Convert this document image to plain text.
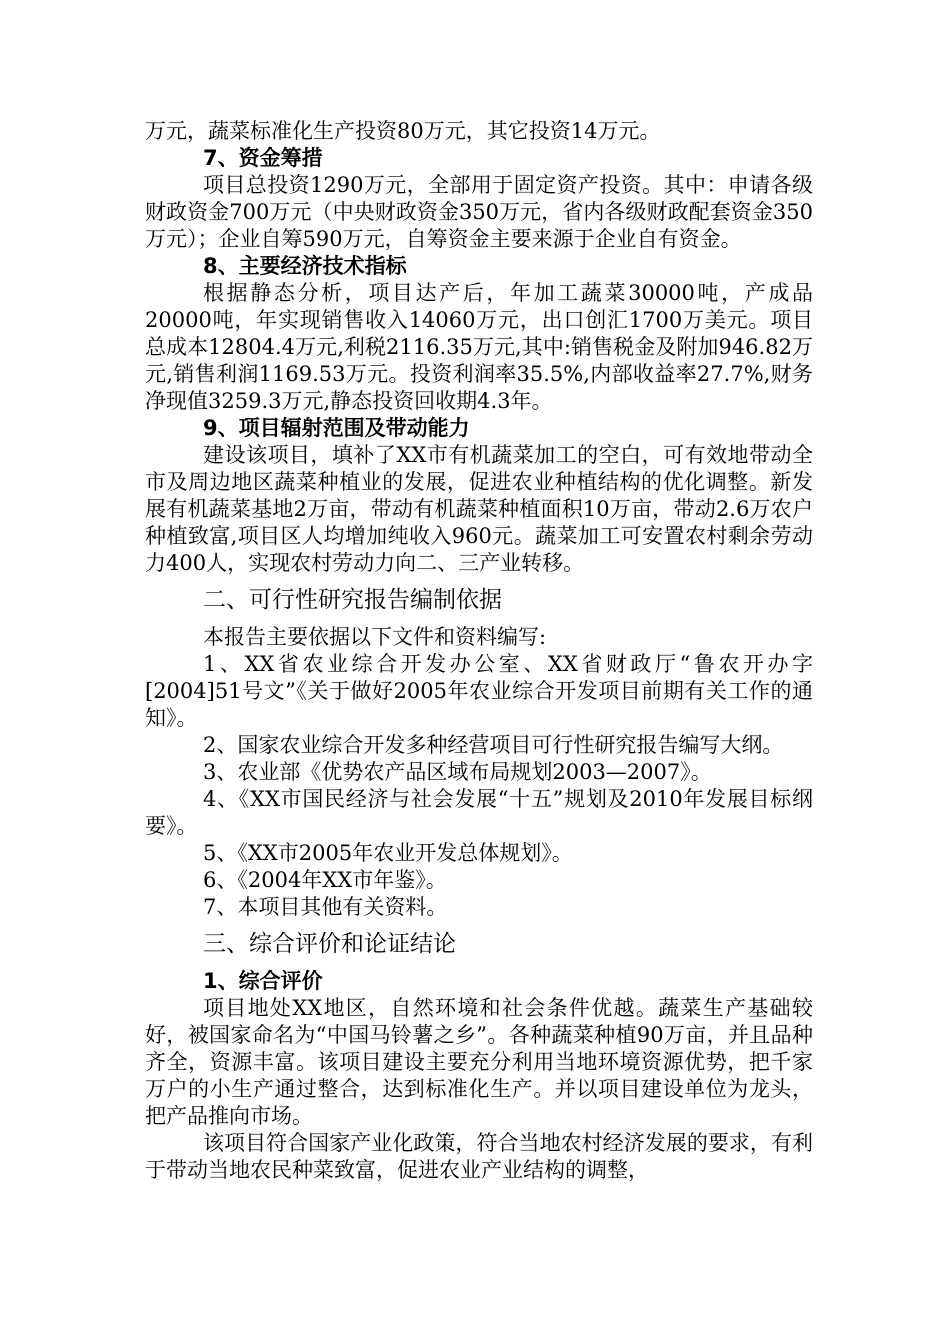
万元，蔬菜标准化生产投资80万元，其它投资14万元。

7、资金筹措

项目总投资1290万元，全部用于固定资产投资。其中：申请各级财政资金700万元（中央财政资金350万元，省内各级财政配套资金350万元）；企业自筹590万元，自筹资金主要来源于企业自有资金。

8、主要经济技术指标

根据静态分析，项目达产后，年加工蔬菜30000吨，产成品20000吨，年实现销售收入14060万元，出口创汇1700万美元。项目总成本12804.4万元,利税2116.35万元,其中:销售税金及附加946.82万元,销售利润1169.53万元。投资利润率35.5%,内部收益率27.7%,财务净现值3259.3万元,静态投资回收期4.3年。

9、项目辐射范围及带动能力

建设该项目，填补了XX市有机蔬菜加工的空白，可有效地带动全市及周边地区蔬菜种植业的发展，促进农业种植结构的优化调整。新发展有机蔬菜基地2万亩，带动有机蔬菜种植面积10万亩，带动2.6万农户种植致富,项目区人均增加纯收入960元。蔬菜加工可安置农村剩余劳动力400人，实现农村劳动力向二、三产业转移。

二、可行性研究报告编制依据

本报告主要依据以下文件和资料编写:

1、XX省农业综合开发办公室、XX省财政厅“鲁农开办字[2004]51号文”《关于做好2005年农业综合开发项目前期有关工作的通知》。

2、国家农业综合开发多种经营项目可行性研究报告编写大纲。

3、农业部《优势农产品区域布局规划2003—2007》。

4、《XX市国民经济与社会发展“十五”规划及2010年发展目标纲要》。

5、《XX市2005年农业开发总体规划》。

6、《2004年XX市年鉴》。

7、本项目其他有关资料。

三、综合评价和论证结论

1、综合评价

项目地处XX地区，自然环境和社会条件优越。蔬菜生产基础较好，被国家命名为“中国马铃薯之乡”。各种蔬菜种植90万亩，并且品种齐全，资源丰富。该项目建设主要充分利用当地环境资源优势，把千家万户的小生产通过整合，达到标准化生产。并以项目建设单位为龙头，把产品推向市场。

该项目符合国家产业化政策，符合当地农村经济发展的要求，有利于带动当地农民种菜致富，促进农业产业结构的调整，
